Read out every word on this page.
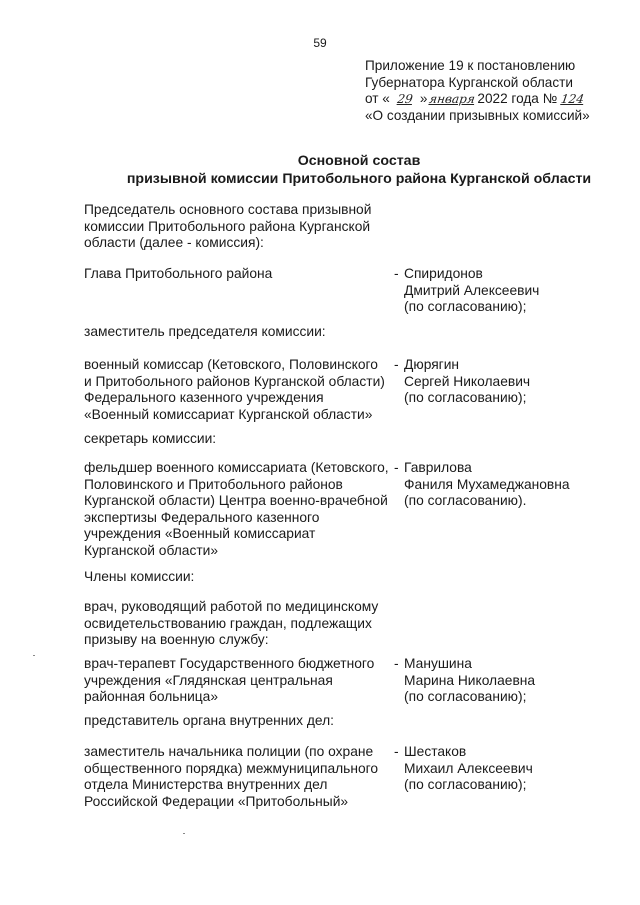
59
Приложение 19 к постановлению
Губернатора Курганской области
от « 29 »января2022 года № 124
«О создании призывных комиссий»
Основной состав
призывной комиссии Притобольного района Курганской области
Председатель основного состава призывной
комиссии Притобольного района Курганской
области (далее - комиссия):
Глава Притобольного района	- Спиридонов
Дмитрий Алексеевич
(по согласованию);
заместитель председателя комиссии:
военный комиссар (Кетовского, Половинского
и Притобольного районов Курганской области)
Федерального казенного учреждения
«Военный комиссариат Курганской области»
- Дюрягин
Сергей Николаевич
(по согласованию);
секретарь комиссии:
фельдшер военного комиссариата (Кетовского,
Половинского и Притобольного районов
Курганской области) Центра военно-врачебной
экспертизы Федерального казенного
учреждения «Военный комиссариат
Курганской области»
- Гаврилова
Фаниля Мухамеджановна
(по согласованию).
Члены комиссии:
врач, руководящий работой по медицинскому
освидетельствованию граждан, подлежащих
призыву на военную службу:
врач-терапевт Государственного бюджетного
учреждения «Глядянская центральная
районная больница»
- Манушина
Марина Николаевна
(по согласованию);
представитель органа внутренних дел:
заместитель начальника полиции (по охране
общественного порядка) межмуниципального
отдела Министерства внутренних дел
Российской Федерации «Притобольный»
- Шестаков
Михаил Алексеевич
(по согласованию);
